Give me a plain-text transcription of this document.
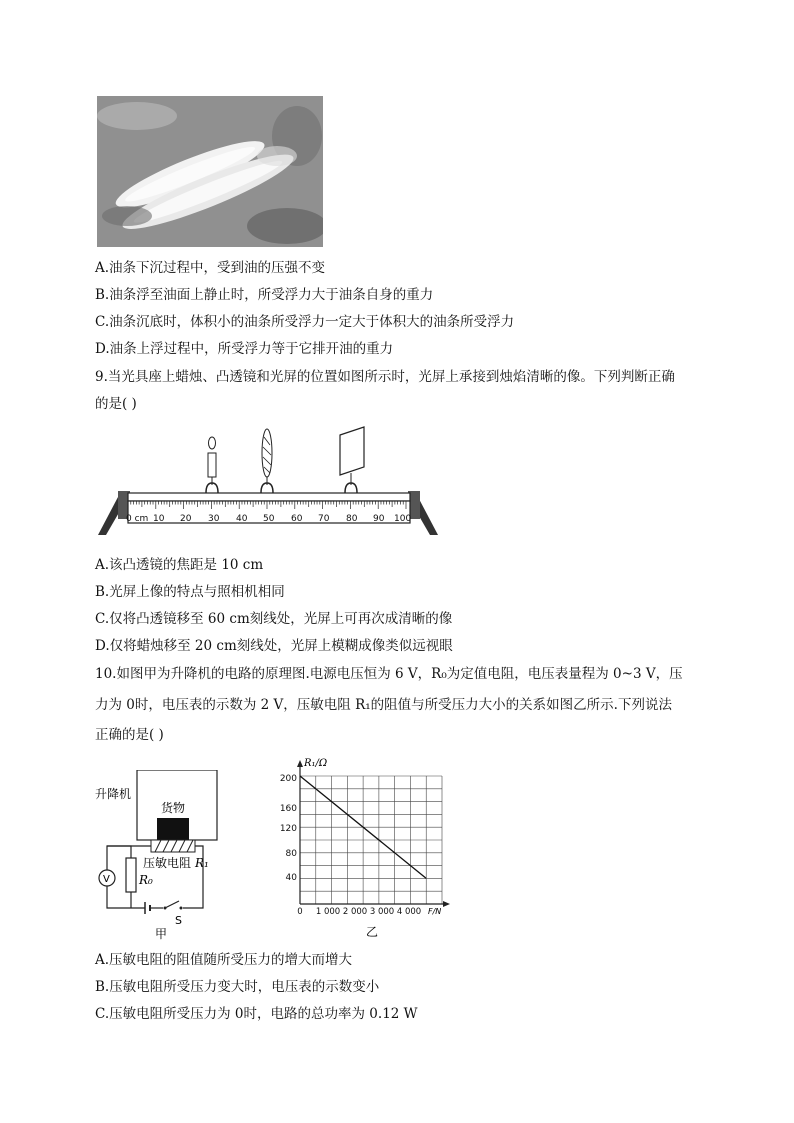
A.油条下沉过程中，受到油的压强不变
B.油条浮至油面上静止时，所受浮力大于油条自身的重力
C.油条沉底时，体积小的油条所受浮力一定大于体积大的油条所受浮力
D.油条上浮过程中，所受浮力等于它排开油的重力
9.当光具座上蜡烛、凸透镜和光屏的位置如图所示时，光屏上承接到烛焰清晰的像。下列判断正确
的是( )
0 cm 10 20 30 40 50 60 70 80 90 100
A.该凸透镜的焦距是 10 cm
B.光屏上像的特点与照相机相同
C.仅将凸透镜移至 60 cm刻线处，光屏上可再次成清晰的像
D.仅将蜡烛移至 20 cm刻线处，光屏上模糊成像类似远视眼
10.如图甲为升降机的电路的原理图.电源电压恒为 6 V，R₀为定值电阻，电压表量程为 0~3 V，压
力为 0时，电压表的示数为 2 V，压敏电阻 R₁的阻值与所受压力大小的关系如图乙所示.下列说法
正确的是( )
升降机
货物
压敏电阻 R₁
R₀
V
S
甲
R₁/Ω
F/N
200
160
120
80
40
0 1 000 2 000 3 000 4 000
乙
A.压敏电阻的阻值随所受压力的增大而增大
B.压敏电阻所受压力变大时，电压表的示数变小
C.压敏电阻所受压力为 0时，电路的总功率为 0.12 W
